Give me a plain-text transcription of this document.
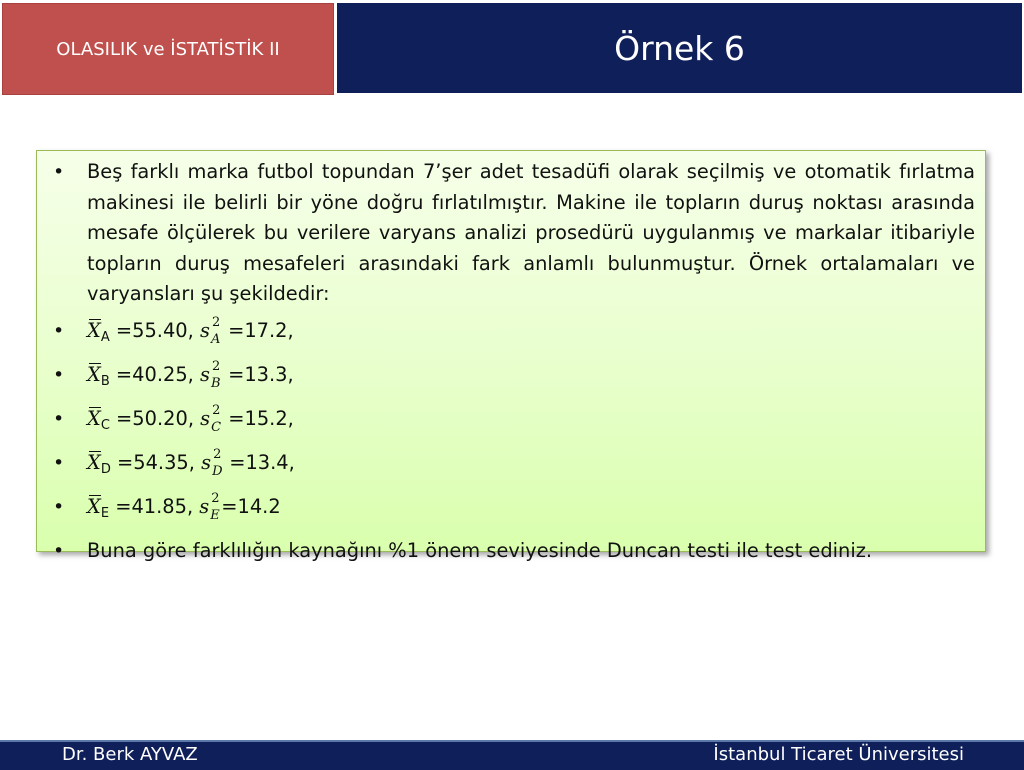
OLASILIK ve İSTATİSTİK II	Örnek 6
• Beş farklı marka futbol topundan 7’şer adet tesadüfi olarak seçilmiş ve otomatik fırlatma makinesi ile belirli bir yöne doğru fırlatılmıştır. Makine ile topların duruş noktası arasında mesafe ölçülerek bu verilere varyans analizi prosedürü uygulanmış ve markalar itibariyle topların duruş mesafeleri arasındaki fark anlamlı bulunmuştur. Örnek ortalamaları ve varyansları şu şekildedir:
• $X_A =55.40$, s 2
A =17.2,
• $X_B =40.25$, s 2
B =13.3,
• $X_C =50.20$, s 2
C =15.2,
• $X_D =54.35$, s 2
D =13.4,
• $X_E =41.85$, s 2
E =14.2
• Buna göre farklılığın kaynağını %1 önem seviyesinde Duncan testi ile test ediniz.
Dr. Berk AYVAZ	İstanbul Ticaret Üniversitesi
